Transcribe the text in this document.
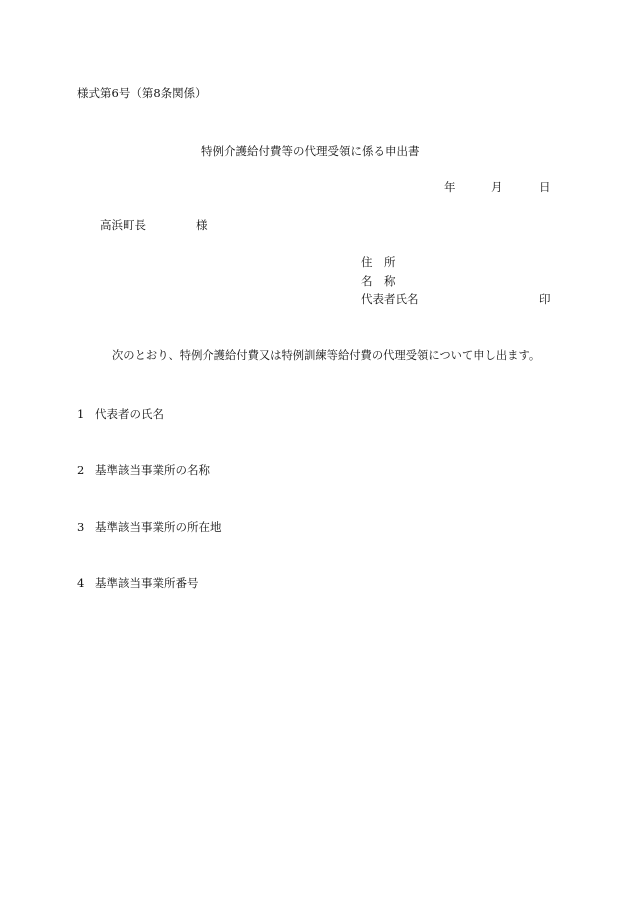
様式第6号（第8条関係）
特例介護給付費等の代理受領に係る申出書
年	月	日
高浜町長	様
住　所
名　称
代表者氏名	印
次のとおり、特例介護給付費又は特例訓練等給付費の代理受領について申し出ます。
1 代表者の氏名
2 基準該当事業所の名称
3 基準該当事業所の所在地
4 基準該当事業所番号
